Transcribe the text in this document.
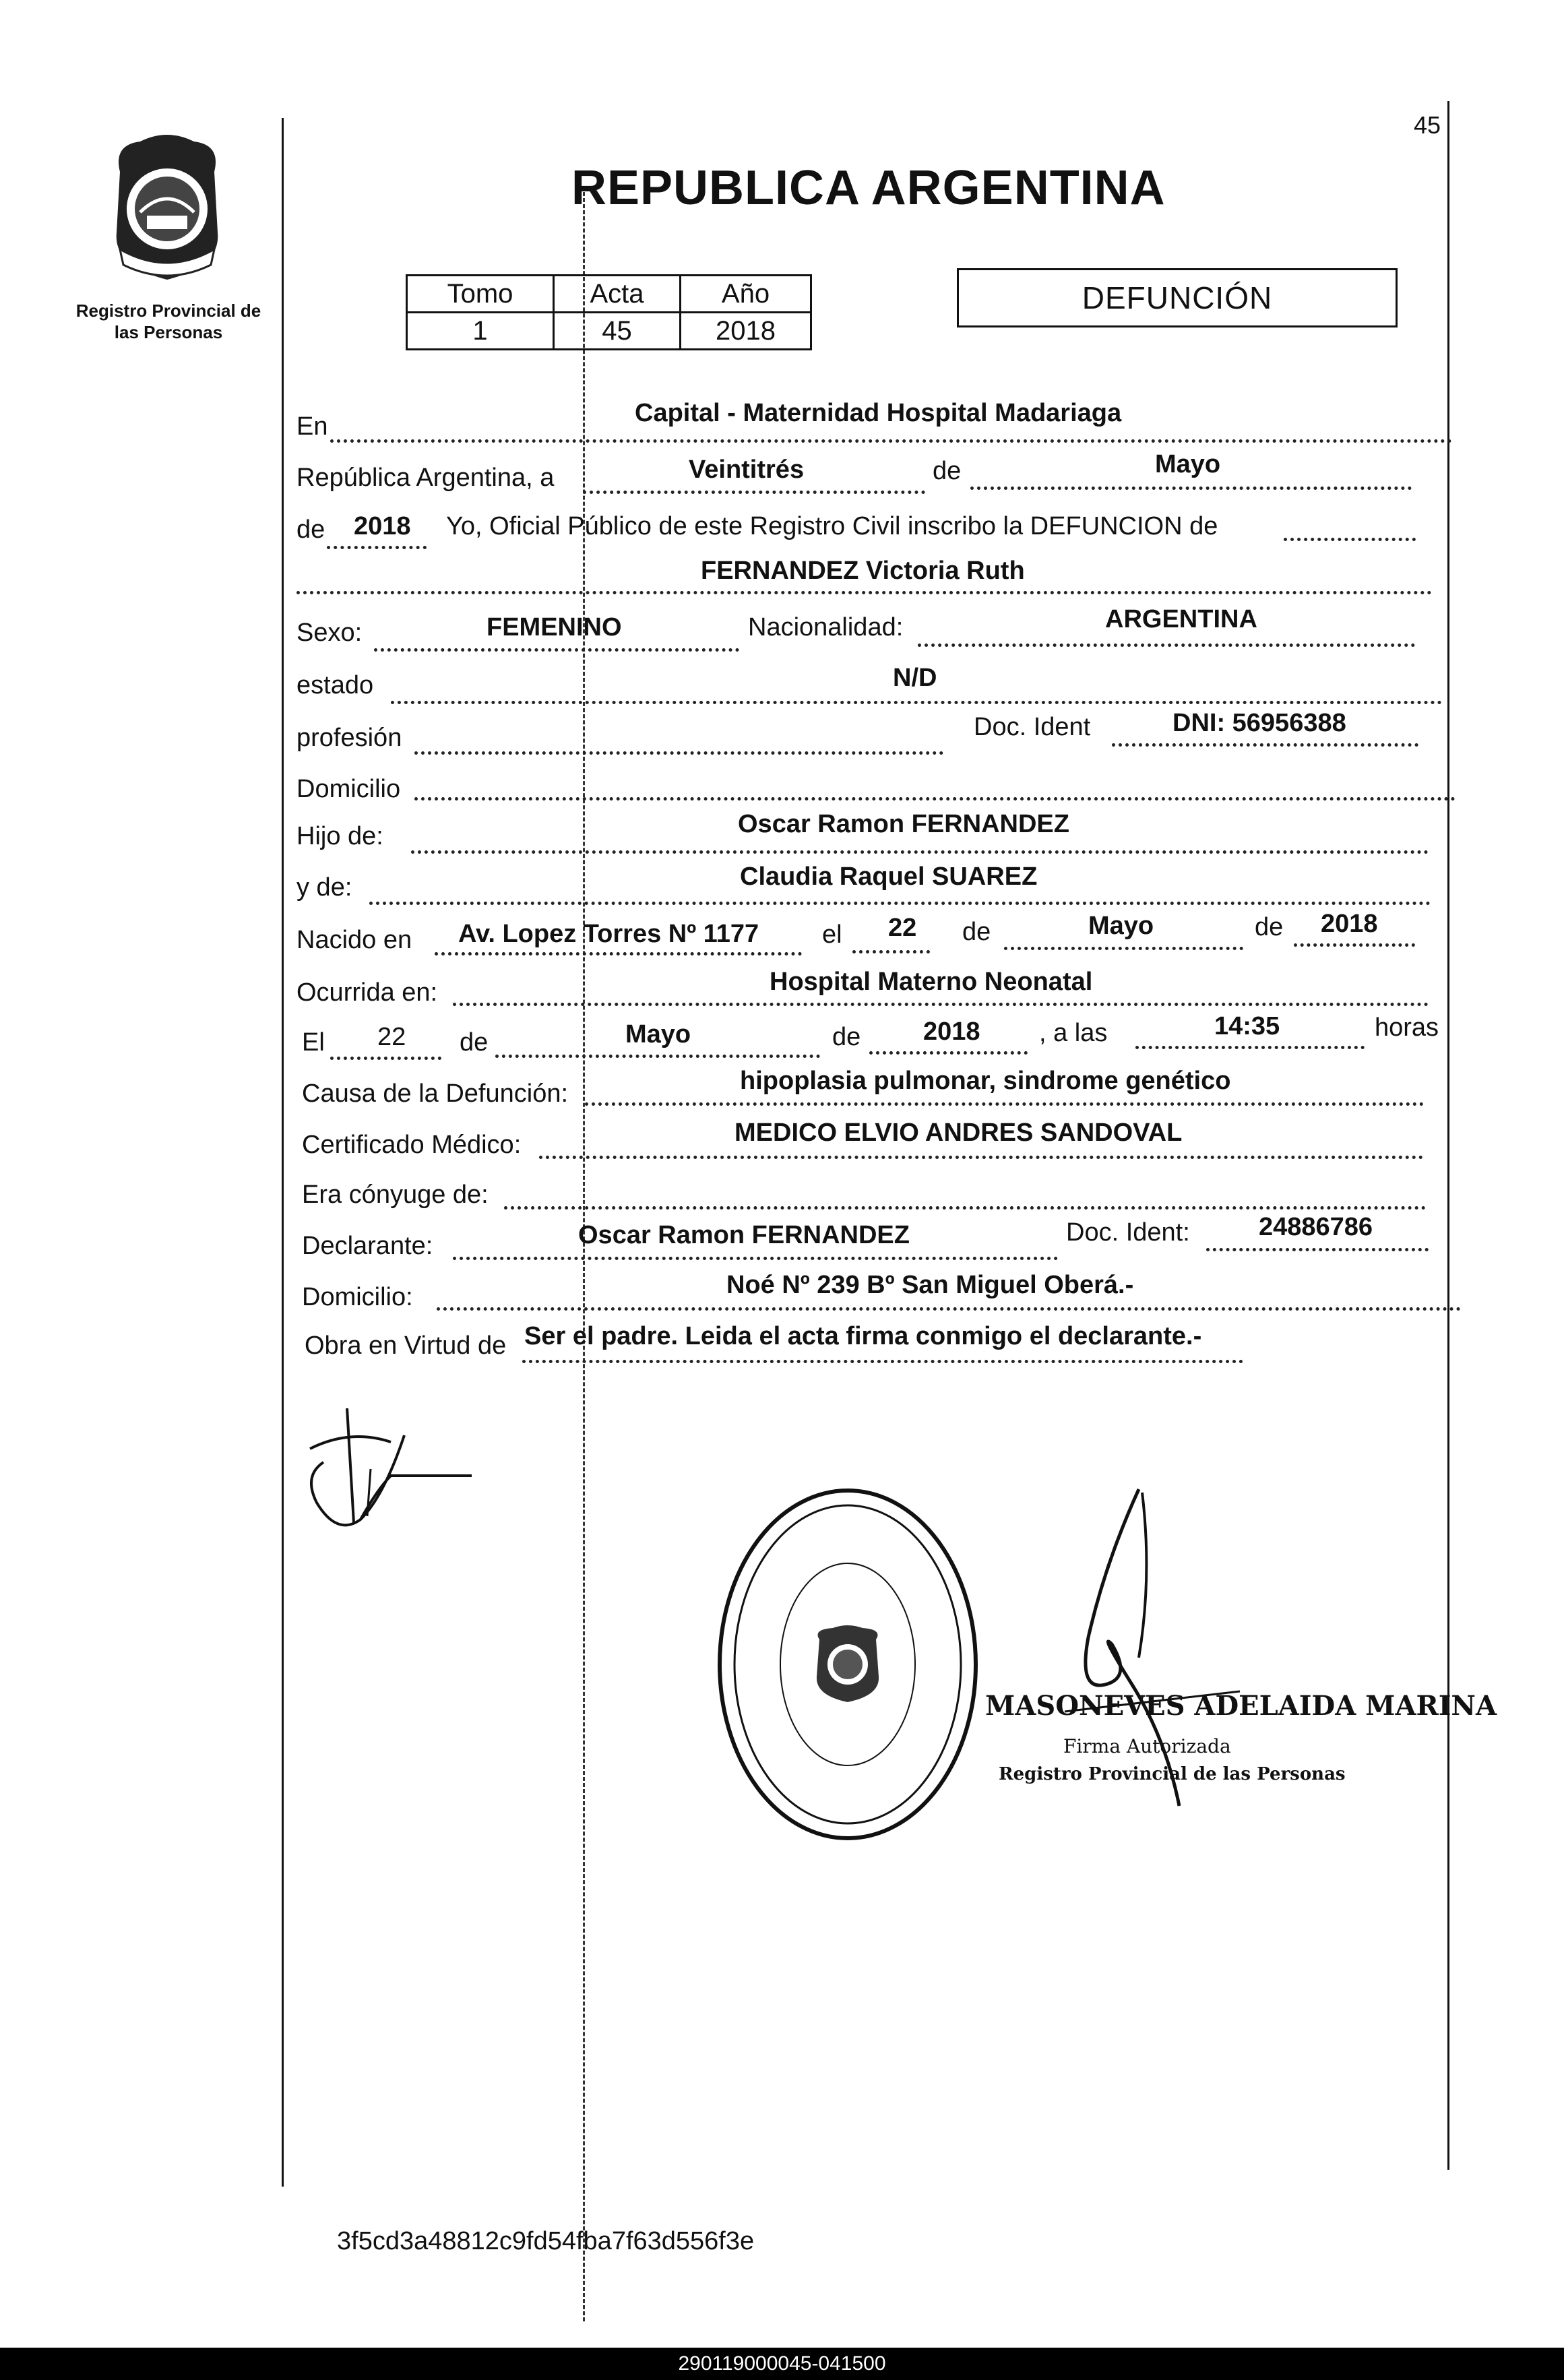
45
Registro Provincial de las Personas
REPUBLICA ARGENTINA
Tomo	Acta	Año
1	45	2018
DEFUNCIÓN
En	Capital - Maternidad Hospital Madariaga
República Argentina, a	Veintitrés	de	Mayo
de 2018 Yo, Oficial Público de este Registro Civil inscribo la DEFUNCION de
FERNANDEZ Victoria Ruth
Sexo:	FEMENINO	Nacionalidad:	ARGENTINA
estado	N/D
profesión	Doc. Ident	DNI: 56956388
Domicilio
Hijo de:	Oscar Ramon FERNANDEZ
y de:	Claudia Raquel SUAREZ
Nacido en Av. Lopez Torres Nº 1177 el 22 de	Mayo	de 2018
Ocurrida en:	Hospital Materno Neonatal
El 22 de	Mayo	de 2018 , a las	14:35	horas
Causa de la Defunción:	hipoplasia pulmonar, sindrome genético
Certificado Médico:	MEDICO ELVIO ANDRES SANDOVAL
Era cónyuge de:
Declarante:	Oscar Ramon FERNANDEZ	Doc. Ident:	24886786
Domicilio:	Noé Nº 239 Bº San Miguel Oberá.-
Obra en Virtud de Ser el padre. Leida el acta firma conmigo el declarante.-
MASONEVES ADELAIDA MARINA
Firma Autorizada
Registro Provincial de las Personas
3f5cd3a48812c9fd54fba7f63d556f3e
290119000045-041500
